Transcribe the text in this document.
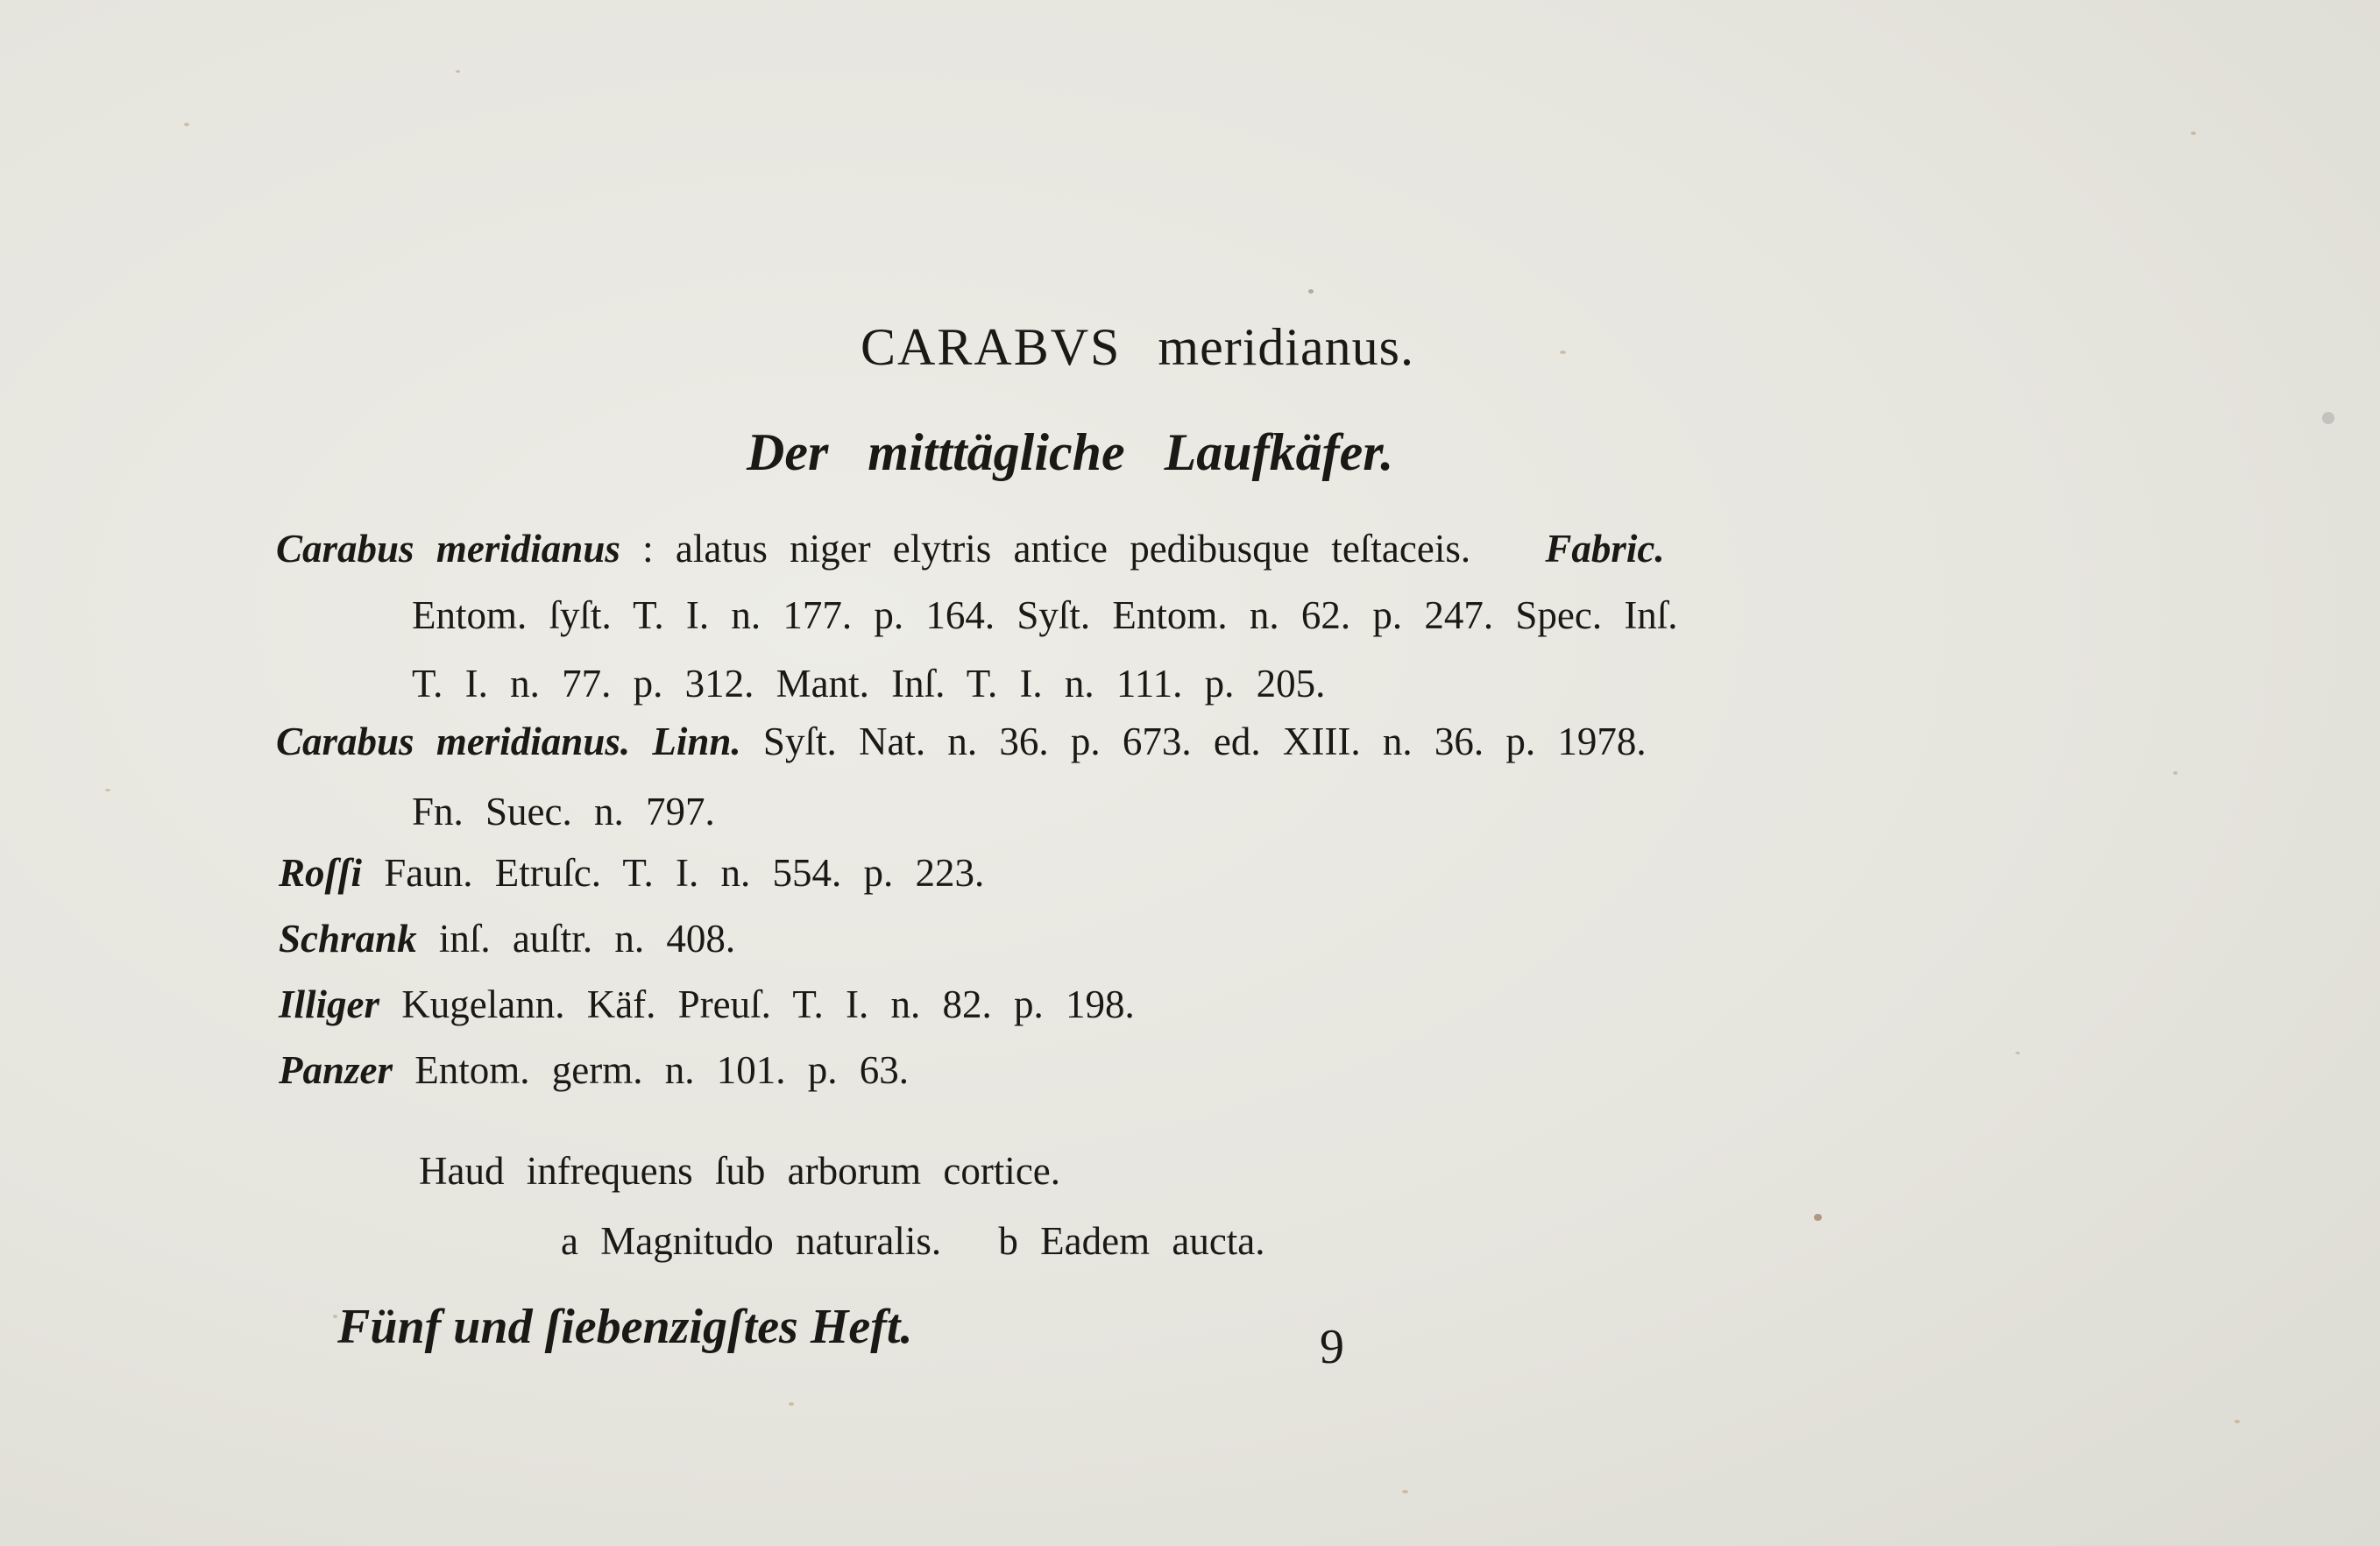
CARABVS meridianus.
Der mitttägliche Laufkäfer.
Carabus meridianus : alatus niger elytris antice pedibusque teſtaceis. Fabric.
Entom. ſyſt. T. I. n. 177. p. 164. Syſt. Entom. n. 62. p. 247. Spec. Inſ.
T. I. n. 77. p. 312. Mant. Inſ. T. I. n. 111. p. 205.
Carabus meridianus. Linn. Syſt. Nat. n. 36. p. 673. ed. XIII. n. 36. p. 1978.
Fn. Suec. n. 797.
Roſſi Faun. Etruſc. T. I. n. 554. p. 223.
Schrank inſ. auſtr. n. 408.
Illiger Kugelann. Käf. Preuſ. T. I. n. 82. p. 198.
Panzer Entom. germ. n. 101. p. 63.
Haud infrequens ſub arborum cortice.
a Magnitudo naturalis. b Eadem aucta.
Fünf und ſiebenzigſtes Heft.	9
